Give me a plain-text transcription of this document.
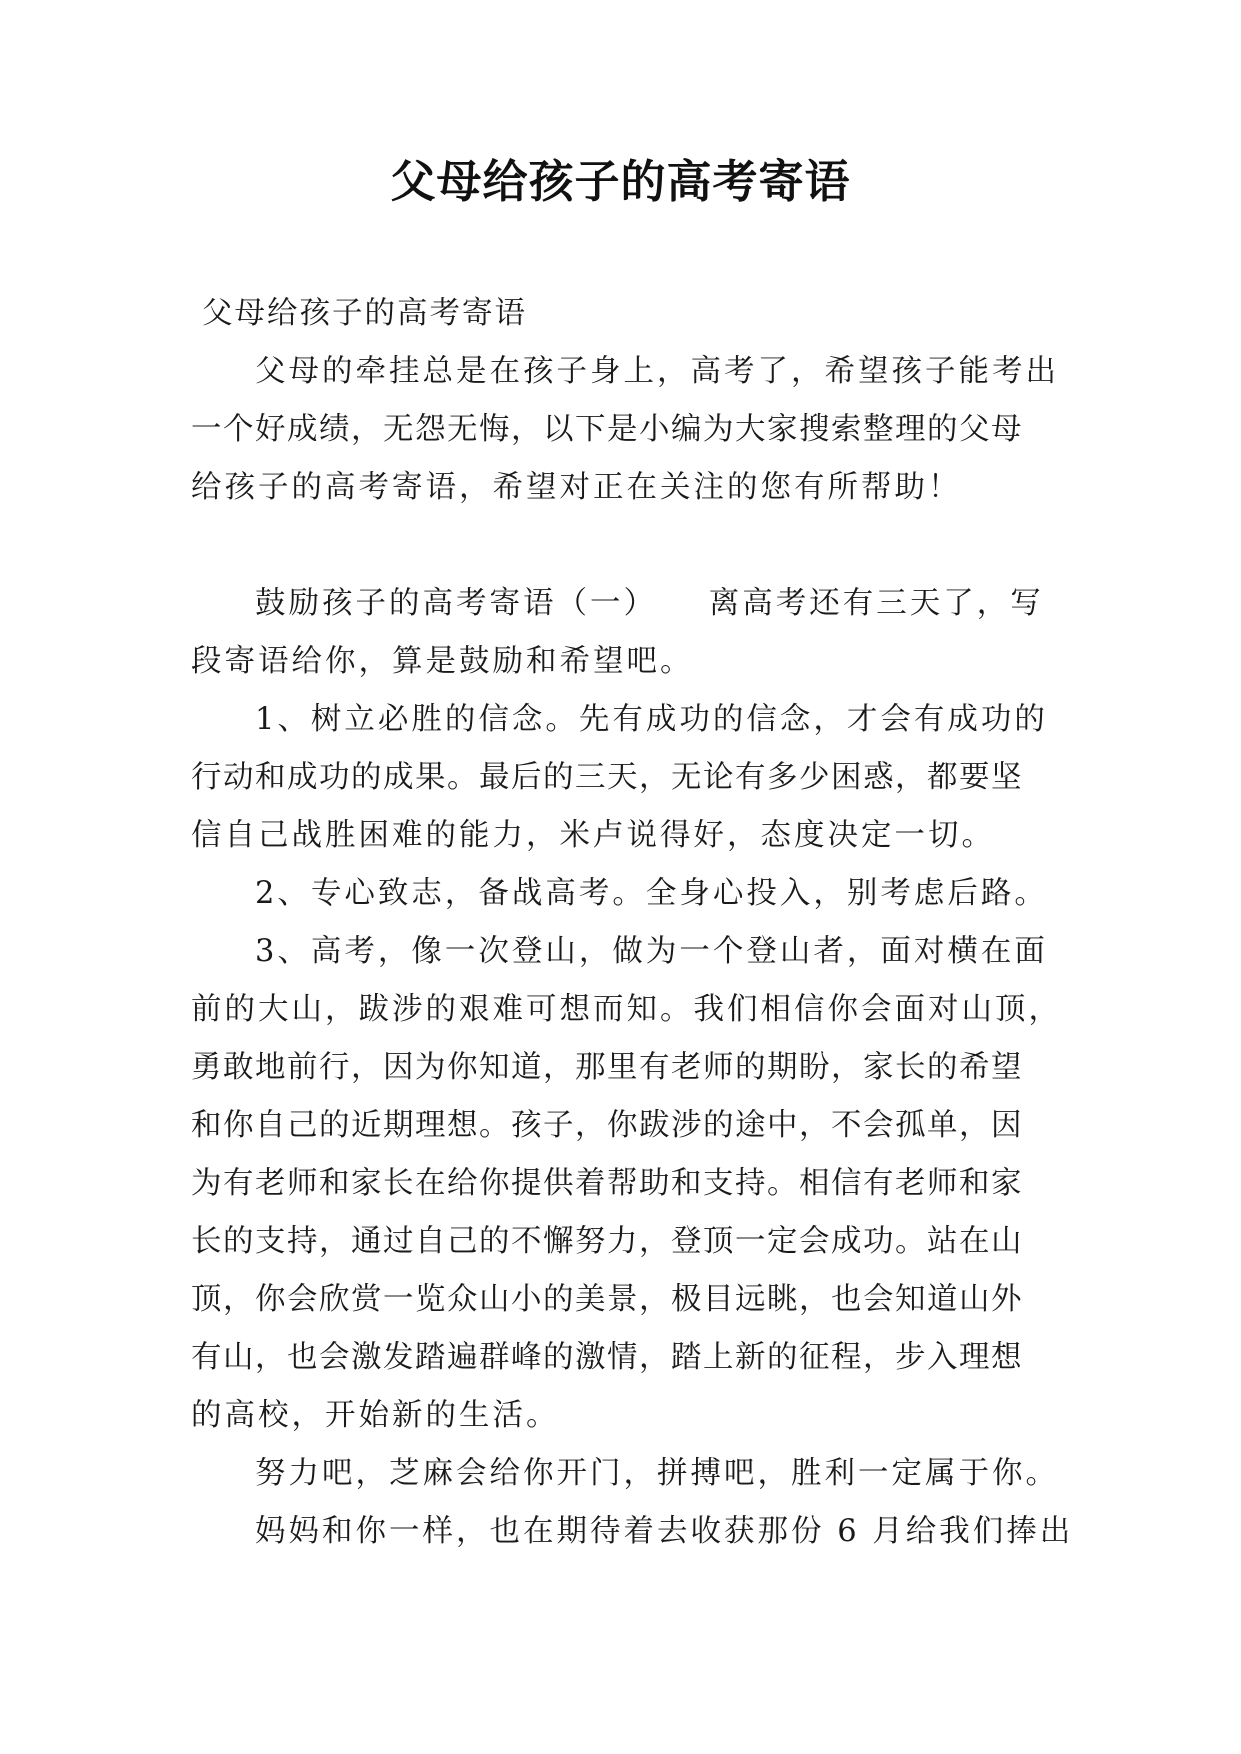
父母给孩子的高考寄语
父母给孩子的高考寄语
父母的牵挂总是在孩子身上，高考了，希望孩子能考出
一个好成绩，无怨无悔，以下是小编为大家搜索整理的父母
给孩子的高考寄语，希望对正在关注的您有所帮助！
鼓励孩子的高考寄语（一）　　离高考还有三天了，写
段寄语给你，算是鼓励和希望吧。
1、树立必胜的信念。先有成功的信念，才会有成功的
行动和成功的成果。最后的三天，无论有多少困惑，都要坚
信自己战胜困难的能力，米卢说得好，态度决定一切。
2、专心致志，备战高考。全身心投入，别考虑后路。
3、高考，像一次登山，做为一个登山者，面对横在面
前的大山，跋涉的艰难可想而知。我们相信你会面对山顶，
勇敢地前行，因为你知道，那里有老师的期盼，家长的希望
和你自己的近期理想。孩子，你跋涉的途中，不会孤单，因
为有老师和家长在给你提供着帮助和支持。相信有老师和家
长的支持，通过自己的不懈努力，登顶一定会成功。站在山
顶，你会欣赏一览众山小的美景，极目远眺，也会知道山外
有山，也会激发踏遍群峰的激情，踏上新的征程，步入理想
的高校，开始新的生活。
努力吧，芝麻会给你开门，拼搏吧，胜利一定属于你。
妈妈和你一样，也在期待着去收获那份 6 月给我们捧出
